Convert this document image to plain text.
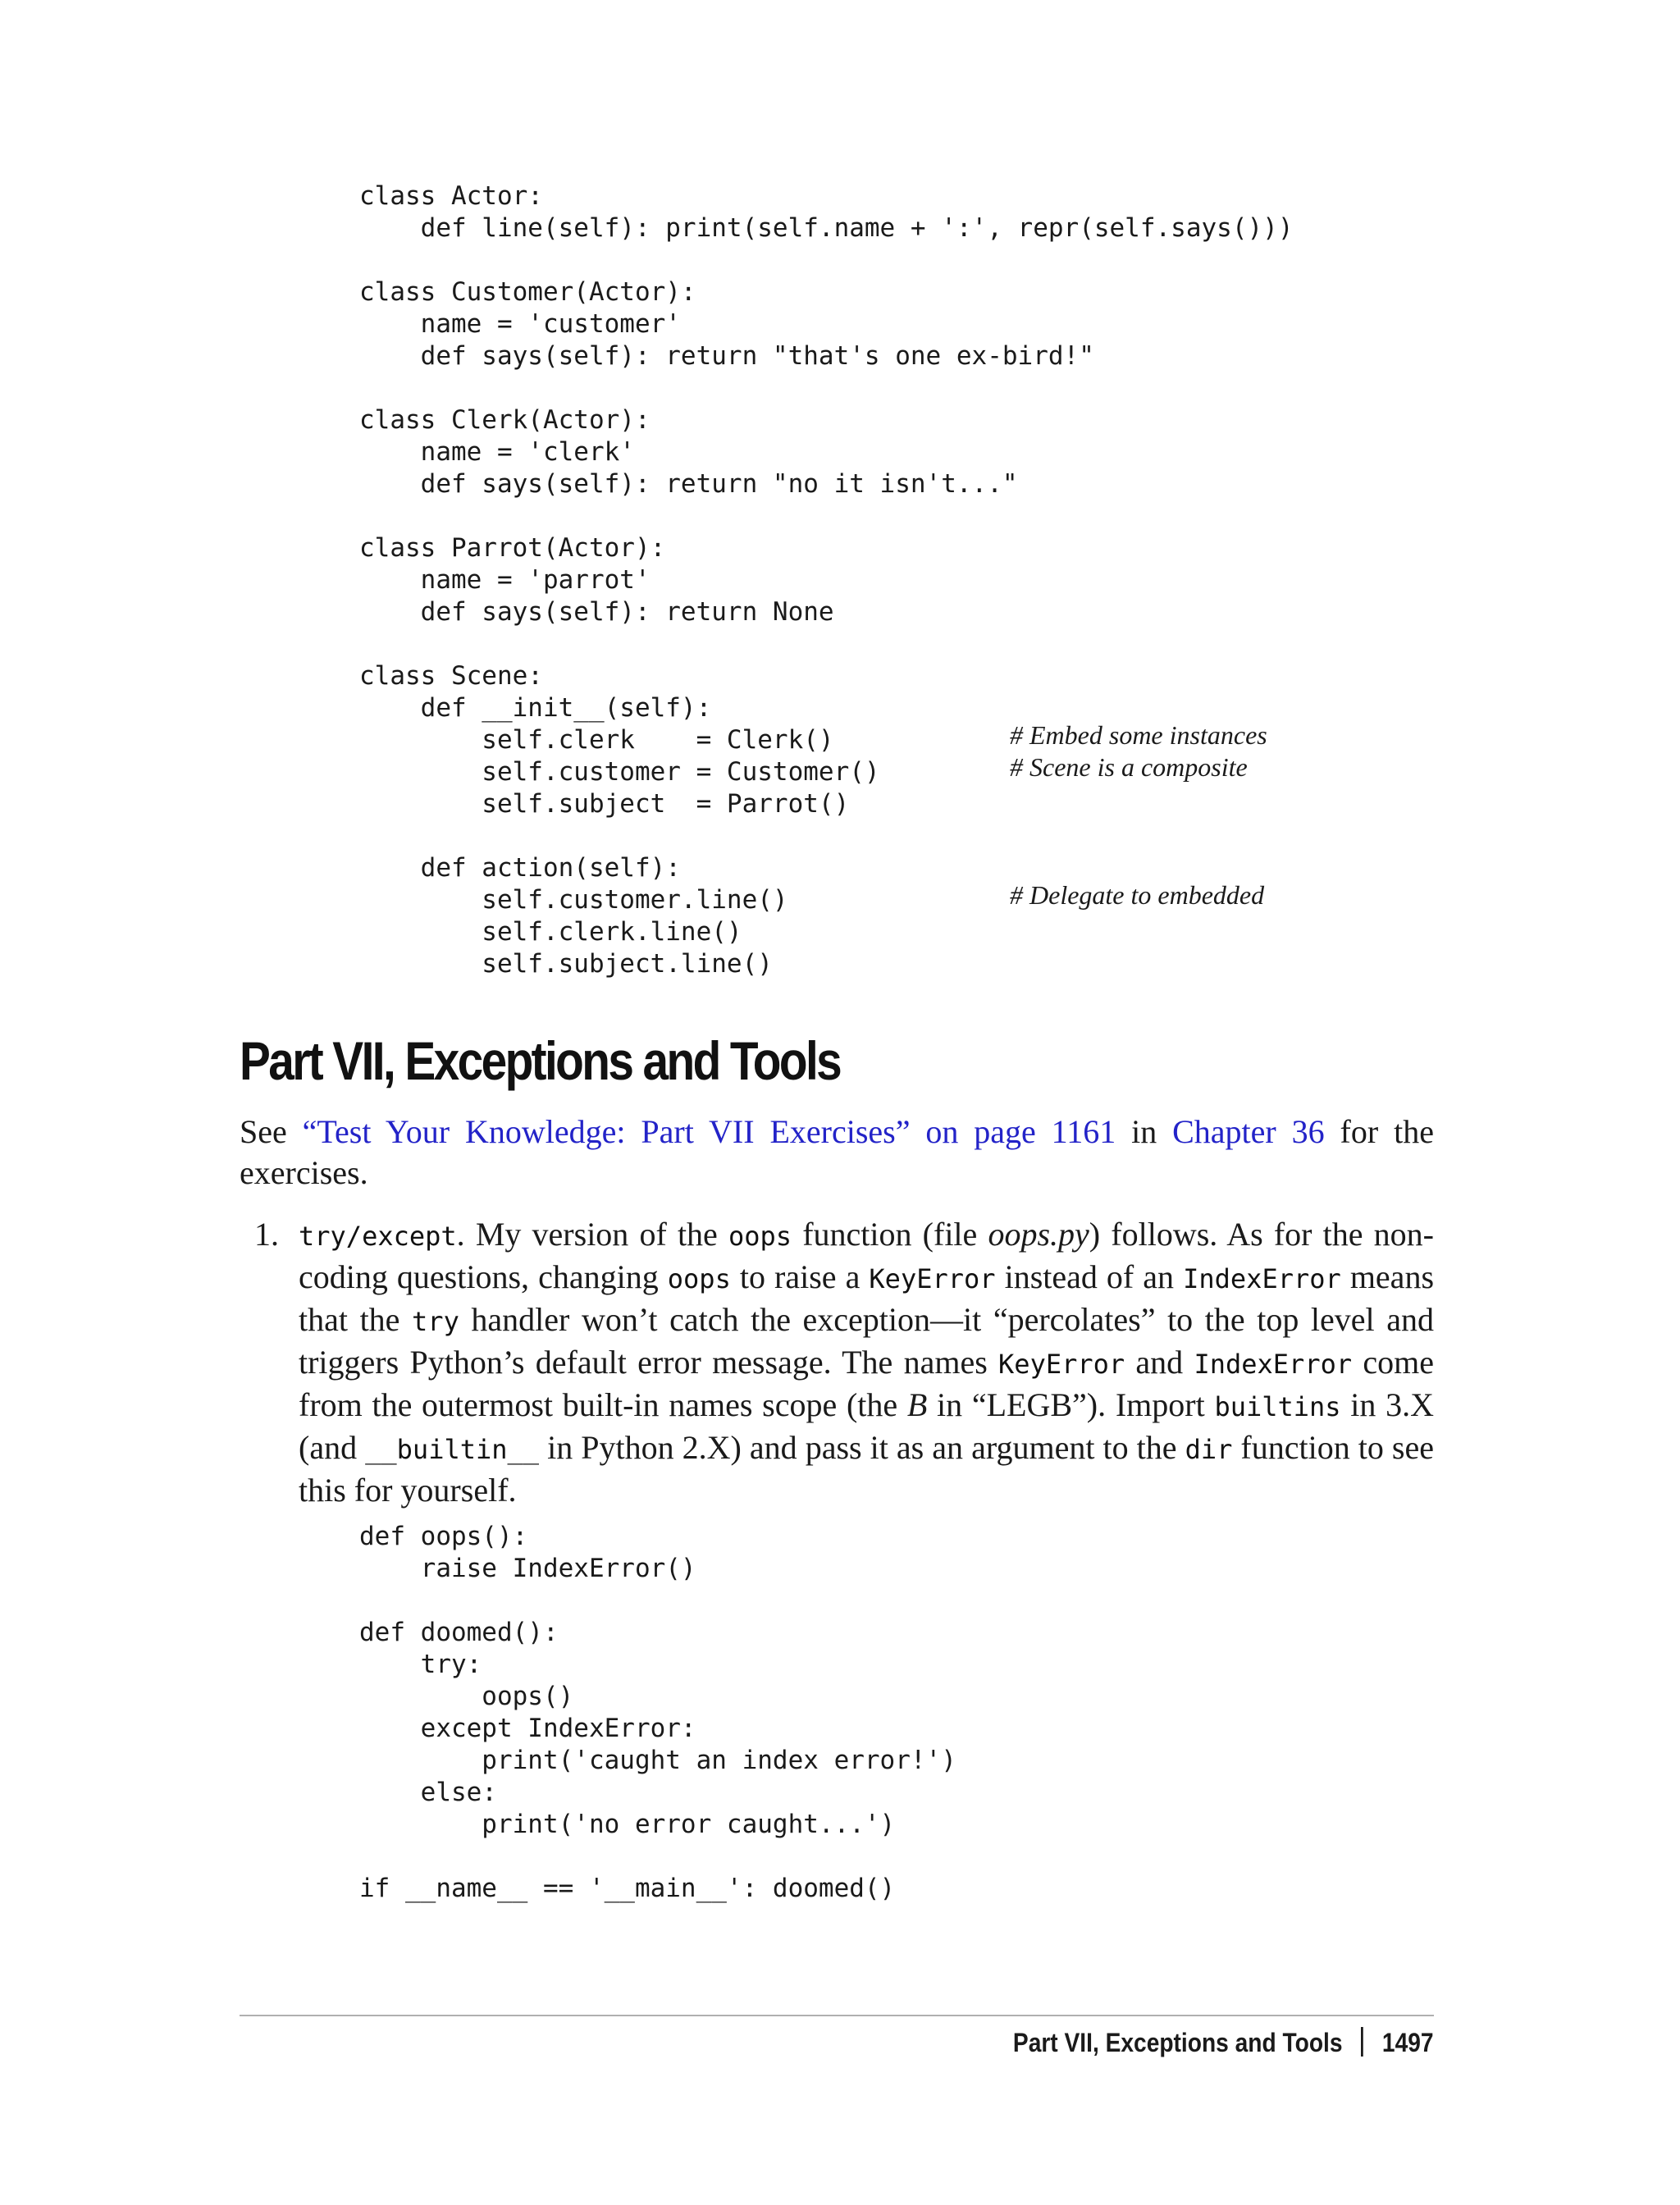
class Actor:
def line(self): print(self.name + ':', repr(self.says()))

class Customer(Actor):
name = 'customer'
def says(self): return "that's one ex-bird!"

class Clerk(Actor):
name = 'clerk'
def says(self): return "no it isn't..."

class Parrot(Actor):
name = 'parrot'
def says(self): return None

class Scene:
def __init__(self):
self.clerk    = Clerk()
self.customer = Customer()
self.subject  = Parrot()

def action(self):
self.customer.line()
self.clerk.line()
self.subject.line()
# Embed some instances
# Scene is a composite
# Delegate to embedded
Part VII, Exceptions and Tools

See “Test Your Knowledge: Part VII Exercises” on page 1161 in Chapter 36 for the exercises.

1. try/except. My version of the oops function (file oops.py) follows. As for the non-coding questions, changing oops to raise a KeyError instead of an IndexError means that the try handler won’t catch the exception—it “percolates” to the top level and triggers Python’s default error message. The names KeyError and IndexError come from the outermost built-in names scope (the B in “LEGB”). Import builtins in 3.X (and __builtin__ in Python 2.X) and pass it as an argument to the dir function to see this for yourself.

def oops():
raise IndexError()

def doomed():
try:
oops()
except IndexError:
print('caught an index error!')
else:
print('no error caught...')

if __name__ == '__main__': doomed()
Part VII, Exceptions and Tools 1497
